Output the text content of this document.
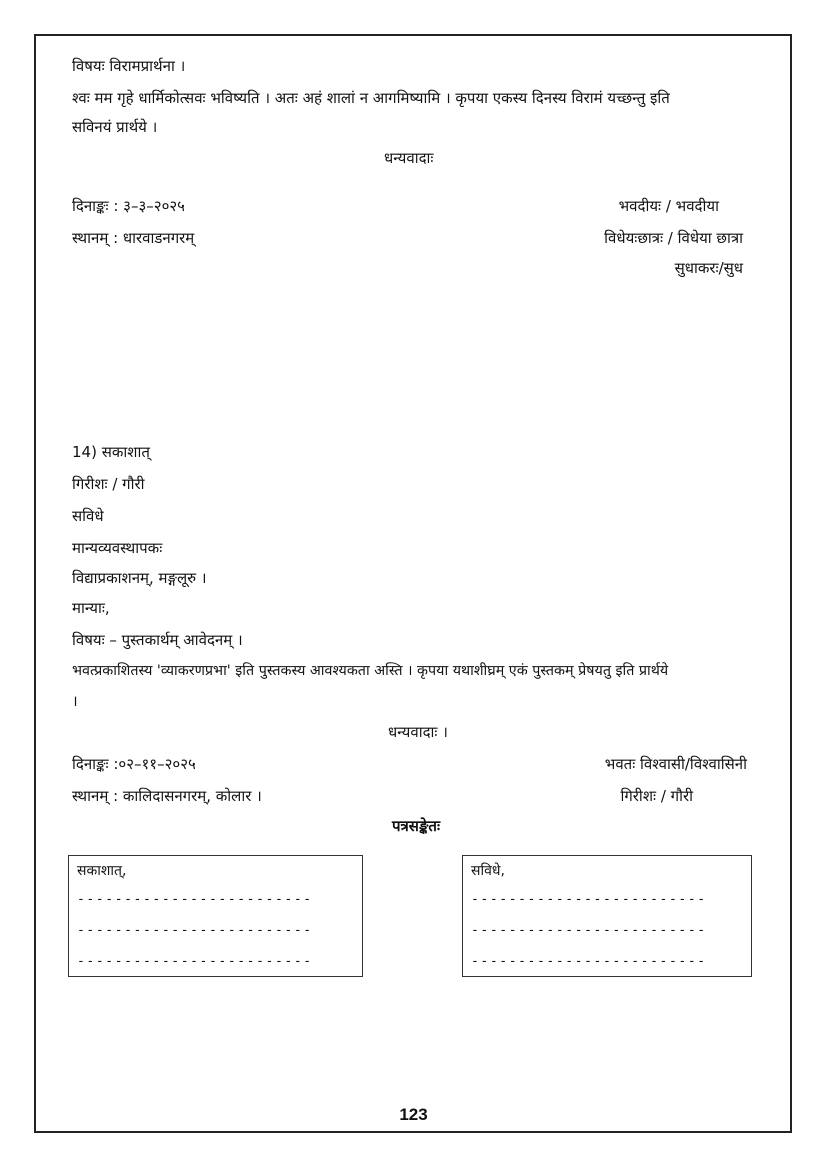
विषयः विरामप्रार्थना ।
श्वः मम गृहे धार्मिकोत्सवः भविष्यति । अतः अहं शालां न आगमिष्यामि । कृपया एकस्य दिनस्य विरामं यच्छन्तु इति
सविनयं प्रार्थये ।
धन्यवादाः
दिनाङ्कः : ३–३–२०२५
स्थानम् : धारवाडनगरम्
भवदीयः / भवदीया
विधेयःछात्रः / विधेया छात्रा
सुधाकरः/सुध
14) सकाशात्
गिरीशः / गौरी
सविधे
मान्यव्यवस्थापकः
विद्याप्रकाशनम्, मङ्गलूरु ।
मान्याः,
विषयः – पुस्तकार्थम् आवेदनम् ।
भवत्प्रकाशितस्य 'व्याकरणप्रभा' इति पुस्तकस्य आवश्यकता अस्ति । कृपया यथाशीघ्रम् एकं पुस्तकम् प्रेषयतु इति प्रार्थये
।
धन्यवादाः ।
दिनाङ्कः :०२–११–२०२५
स्थानम् : कालिदासनगरम्, कोलार ।
भवतः विश्वासी/विश्वासिनी
गिरीशः / गौरी
पत्रसङ्केतः
सकाशात्,
-------------------------
-------------------------
-------------------------
सविधे,
-------------------------
-------------------------
-------------------------
123
